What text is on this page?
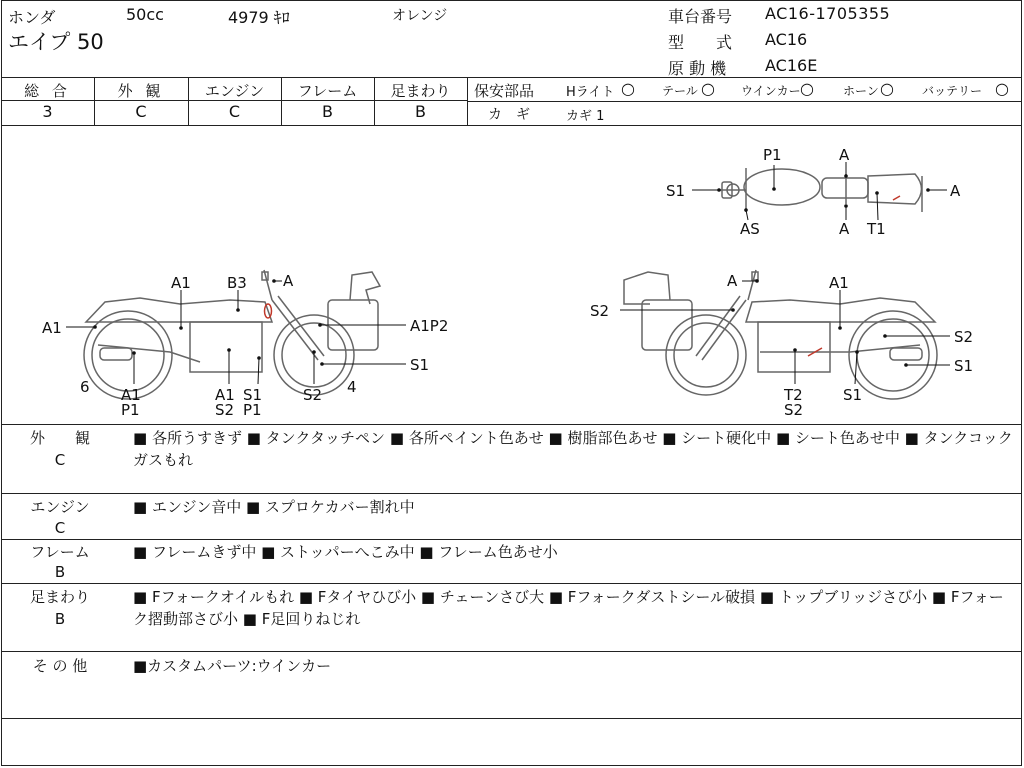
ホンダ	50cc	4979 ｷﾛ	オレンジ
エイプ 50
車台番号 AC16-1705355
型　　式 AC16
原 動 機 AC16E
総 合
3
外 観
C
エンジン
C
フレーム
B
足まわり
B
保安部品 Hライト ○ テール ○ ウインカー ○ ホーン ○ バッテリー ○
カ　ギ	カギ 1
P1	A
S1	A
AS	A T1
A1 B3 A
A1	A1P2
S1
6 A1
P1
A1 S1
S2 P1
S2 4
A	A1
S2
S2
S1
T2
S2
S1
外　　観
C
■ 各所うすきず ■ タンクタッチペン ■ 各所ペイント色あせ ■ 樹脂部色あせ ■ シート硬化中 ■ シート色あせ中 ■ タンクコックガスもれ
エンジン
C
■ エンジン音中 ■ スプロケカバー割れ中
フレーム
B
■ フレームきず中 ■ ストッパーへこみ中 ■ フレーム色あせ小
足まわり
B
■ Fフォークオイルもれ ■ Fタイヤひび小 ■ チェーンさび大 ■ Fフォークダストシール破損 ■ トップブリッジさび小 ■ Fフォーク摺動部さび小 ■ F足回りねじれ
そ の 他	■カスタムパーツ:ウインカー
